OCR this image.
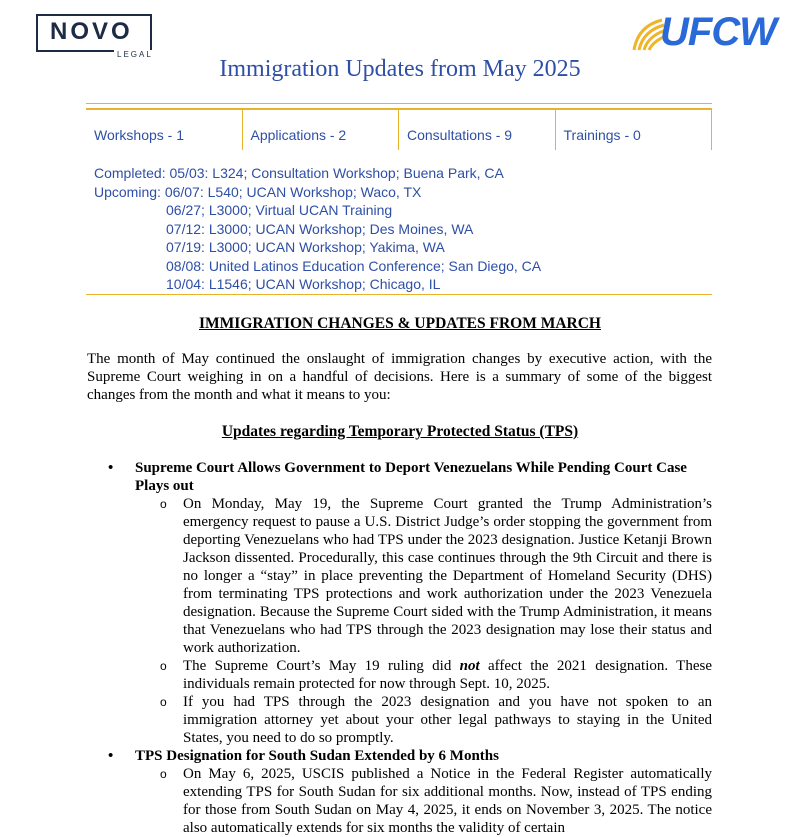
NOVO
LEGAL
UFCW
Immigration Updates from May 2025
Workshops - 1	Applications - 2	Consultations - 9	Trainings - 0
Completed: 05/03: L324; Consultation Workshop; Buena Park, CA
Upcoming: 06/07: L540; UCAN Workshop; Waco, TX
06/27; L3000; Virtual UCAN Training
07/12: L3000; UCAN Workshop; Des Moines, WA
07/19: L3000; UCAN Workshop; Yakima, WA
08/08: United Latinos Education Conference; San Diego, CA
10/04: L1546; UCAN Workshop; Chicago, IL
IMMIGRATION CHANGES & UPDATES FROM MARCH
The month of May continued the onslaught of immigration changes by executive action, with the Supreme Court weighing in on a handful of decisions. Here is a summary of some of the biggest changes from the month and what it means to you:
Updates regarding Temporary Protected Status (TPS)
• Supreme Court Allows Government to Deport Venezuelans While Pending Court Case Plays out
o On Monday, May 19, the Supreme Court granted the Trump Administration’s emergency request to pause a U.S. District Judge’s order stopping the government from deporting Venezuelans who had TPS under the 2023 designation. Justice Ketanji Brown Jackson dissented. Procedurally, this case continues through the 9th Circuit and there is no longer a “stay” in place preventing the Department of Homeland Security (DHS) from terminating TPS protections and work authorization under the 2023 Venezuela designation. Because the Supreme Court sided with the Trump Administration, it means that Venezuelans who had TPS through the 2023 designation may lose their status and work authorization.
o The Supreme Court’s May 19 ruling did not affect the 2021 designation. These individuals remain protected for now through Sept. 10, 2025.
o If you had TPS through the 2023 designation and you have not spoken to an immigration attorney yet about your other legal pathways to staying in the United States, you need to do so promptly.
• TPS Designation for South Sudan Extended by 6 Months
o On May 6, 2025, USCIS published a Notice in the Federal Register automatically extending TPS for South Sudan for six additional months. Now, instead of TPS ending for those from South Sudan on May 4, 2025, it ends on November 3, 2025. The notice also automatically extends for six months the validity of certain
